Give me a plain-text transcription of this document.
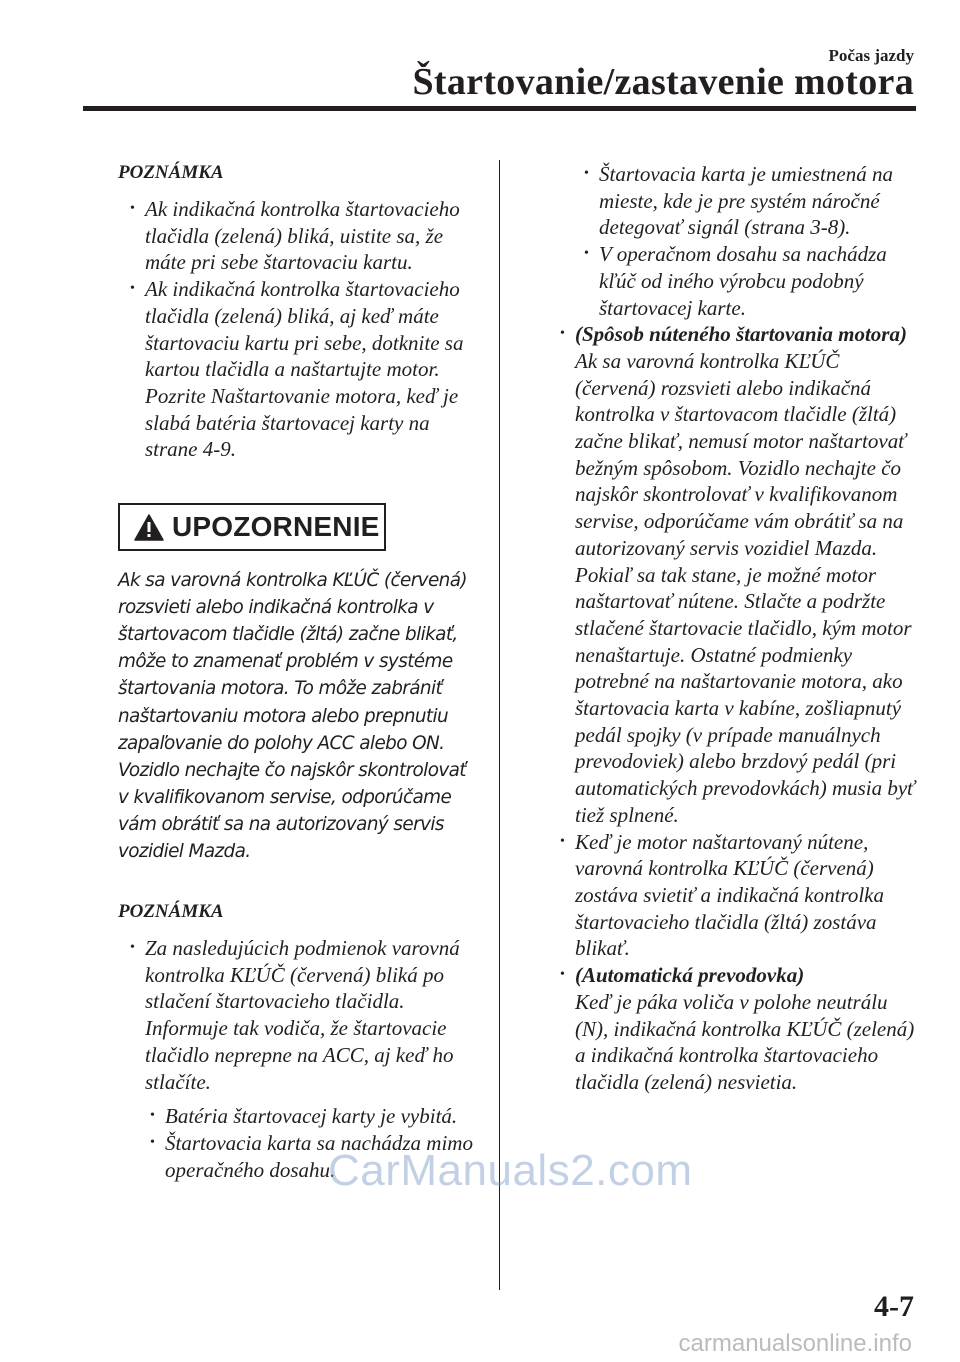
Počas jazdy
Štartovanie/zastavenie motora
POZNÁMKA

• Ak indikačná kontrolka štartovacieho tlačidla (zelená) bliká, uistite sa, že máte pri sebe štartovaciu kartu.

• Ak indikačná kontrolka štartovacieho tlačidla (zelená) bliká, aj keď máte štartovaciu kartu pri sebe, dotknite sa kartou tlačidla a naštartujte motor. Pozrite Naštartovanie motora, keď je slabá batéria štartovacej karty na strane 4-9.

UPOZORNENIE

Ak sa varovná kontrolka KĽÚČ (červená) rozsvieti alebo indikačná kontrolka v štartovacom tlačidle (žltá) začne blikať, môže to znamenať problém v systéme štartovania motora. To môže zabrániť naštartovaniu motora alebo prepnutiu zapaľovanie do polohy ACC alebo ON. Vozidlo nechajte čo najskôr skontrolovať v kvalifikovanom servise, odporúčame vám obrátiť sa na autorizovaný servis vozidiel Mazda.

POZNÁMKA

• Za nasledujúcich podmienok varovná kontrolka KĽÚČ (červená) bliká po stlačení štartovacieho tlačidla. Informuje tak vodiča, že štartovacie tlačidlo neprepne na ACC, aj keď ho stlačíte.

• Batéria štartovacej karty je vybitá.

• Štartovacia karta sa nachádza mimo operačného dosahu.

• Štartovacia karta je umiestnená na mieste, kde je pre systém náročné detegovať signál (strana 3-8).

• V operačnom dosahu sa nachádza kľúč od iného výrobcu podobný štartovacej karte.

• (Spôsob núteného štartovania motora)
Ak sa varovná kontrolka KĽÚČ (červená) rozsvieti alebo indikačná kontrolka v štartovacom tlačidle (žltá) začne blikať, nemusí motor naštartovať bežným spôsobom. Vozidlo nechajte čo najskôr skontrolovať v kvalifikovanom servise, odporúčame vám obrátiť sa na autorizovaný servis vozidiel Mazda. Pokiaľ sa tak stane, je možné motor naštartovať nútene. Stlačte a podržte stlačené štartovacie tlačidlo, kým motor nenaštartuje. Ostatné podmienky potrebné na naštartovanie motora, ako štartovacia karta v kabíne, zošliapnutý pedál spojky (v prípade manuálnych prevodoviek) alebo brzdový pedál (pri automatických prevodovkách) musia byť tiež splnené.

• Keď je motor naštartovaný nútene, varovná kontrolka KĽÚČ (červená) zostáva svietiť a indikačná kontrolka štartovacieho tlačidla (žltá) zostáva blikať.

• (Automatická prevodovka)
Keď je páka voliča v polohe neutrálu (N), indikačná kontrolka KĽÚČ (zelená) a indikačná kontrolka štartovacieho tlačidla (zelená) nesvietia.
CarManuals2.com
4-7
carmanualsonline.info
